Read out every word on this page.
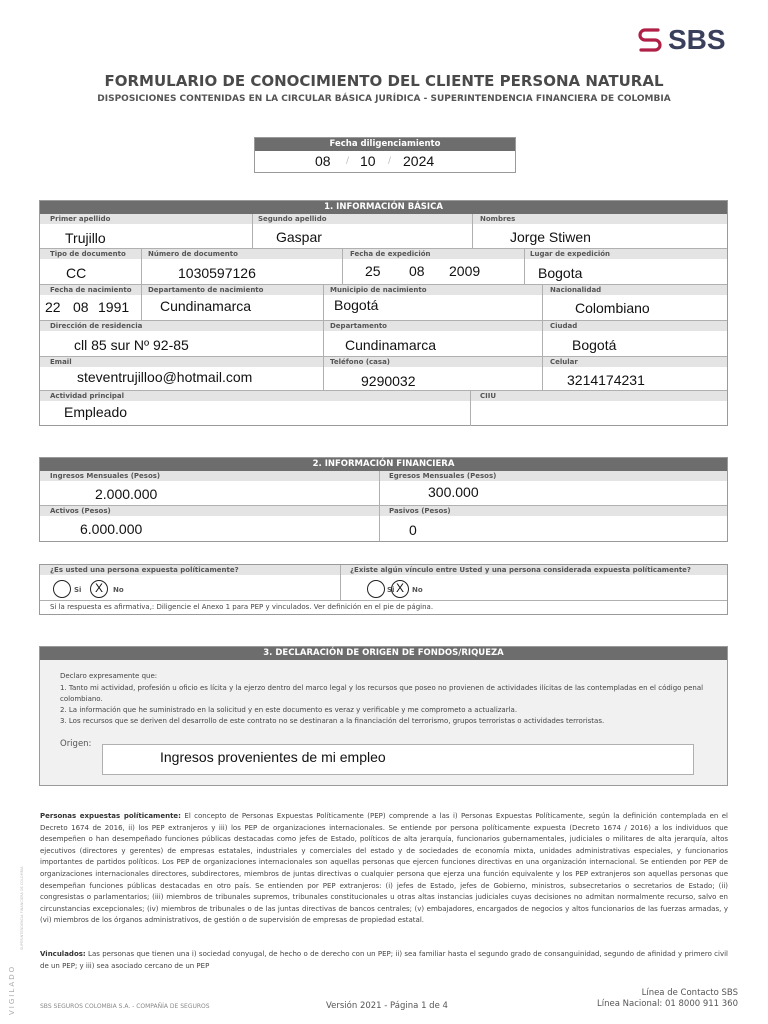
SBS
FORMULARIO DE CONOCIMIENTO DEL CLIENTE PERSONA NATURAL
DISPOSICIONES CONTENIDAS EN LA CIRCULAR BÁSICA JURÍDICA - SUPERINTENDENCIA FINANCIERA DE COLOMBIA
Fecha diligenciamiento
08 / 10 / 2024
1. INFORMACIÓN BÁSICA
Primer apellido
Trujillo
Segundo apellido
Gaspar
Nombres
Jorge Stiwen
Tipo de documento
CC
Número de documento
1030597126
Fecha de expedición
25 08 2009
Lugar de expedición
Bogota
Fecha de nacimiento
22 08 1991
Departamento de nacimiento
Cundinamarca
Municipio de nacimiento
Bogotá
Nacionalidad
Colombiano
Dirección de residencia
cll 85 sur Nº 92-85
Departamento
Cundinamarca
Ciudad
Bogotá
Email
steventrujilloo@hotmail.com
Teléfono (casa)
9290032
Celular
3214174231
Actividad principal
Empleado
CIIU
2. INFORMACIÓN FINANCIERA
Ingresos Mensuales (Pesos)
2.000.000
Egresos Mensuales (Pesos)
300.000
Activos (Pesos)
6.000.000
Pasivos (Pesos)
0
¿Es usted una persona expuesta políticamente?
Si	X	No
¿Existe algún vínculo entre Usted y una persona considerada expuesta políticamente?
Si X	No
Si la respuesta es afirmativa,: Diligencie el Anexo 1 para PEP y vinculados. Ver definición en el pie de página.
3. DECLARACIÓN DE ORIGEN DE FONDOS/RIQUEZA
Declaro expresamente que:
1. Tanto mi actividad, profesión u oficio es lícita y la ejerzo dentro del marco legal y los recursos que poseo no provienen de actividades ilícitas de las contempladas en el código penal colombiano.
2. La información que he suministrado en la solicitud y en este documento es veraz y verificable y me comprometo a actualizarla.
3. Los recursos que se deriven del desarrollo de este contrato no se destinaran a la financiación del terrorismo, grupos terroristas o actividades terroristas.
Origen:
Ingresos provenientes de mi empleo
Personas expuestas políticamente: El concepto de Personas Expuestas Políticamente (PEP) comprende a las i) Personas Expuestas Políticamente, según la definición contemplada en el Decreto 1674 de 2016, ii) los PEP extranjeros y iii) los PEP de organizaciones internacionales. Se entiende por persona políticamente expuesta (Decreto 1674 / 2016) a los individuos que desempeñen o han desempeñado funciones públicas destacadas como jefes de Estado, políticos de alta jerarquía, funcionarios gubernamentales, judiciales o militares de alta jerarquía, altos ejecutivos (directores y gerentes) de empresas estatales, industriales y comerciales del estado y de sociedades de economía mixta, unidades administrativas especiales, y funcionarios importantes de partidos políticos. Los PEP de organizaciones internacionales son aquellas personas que ejercen funciones directivas en una organización internacional. Se entienden por PEP de organizaciones internacionales directores, subdirectores, miembros de juntas directivas o cualquier persona que ejerza una función equivalente y los PEP extranjeros son aquellas personas que desempeñan funciones públicas destacadas en otro país. Se entienden por PEP extranjeros: (i) jefes de Estado, jefes de Gobierno, ministros, subsecretarios o secretarios de Estado; (ii) congresistas o parlamentarios; (iii) miembros de tribunales supremos, tribunales constitucionales u otras altas instancias judiciales cuyas decisiones no admitan normalmente recurso, salvo en circunstancias excepcionales; (iv) miembros de tribunales o de las juntas directivas de bancos centrales; (v) embajadores, encargados de negocios y altos funcionarios de las fuerzas armadas, y (vi) miembros de los órganos administrativos, de gestión o de supervisión de empresas de propiedad estatal.
Vinculados: Las personas que tienen una i) sociedad conyugal, de hecho o de derecho con un PEP; ii) sea familiar hasta el segundo grado de consanguinidad, segundo de afinidad y primero civil de un PEP; y iii) sea asociado cercano de un PEP
VIGILADO
SUPERINTENDENCIA FINANCIERA DE COLOMBIA
SBS SEGUROS COLOMBIA S.A. - COMPAÑÍA DE SEGUROS	Versión 2021 - Página 1 de 4
Línea de Contacto SBS
Línea Nacional: 01 8000 911 360
